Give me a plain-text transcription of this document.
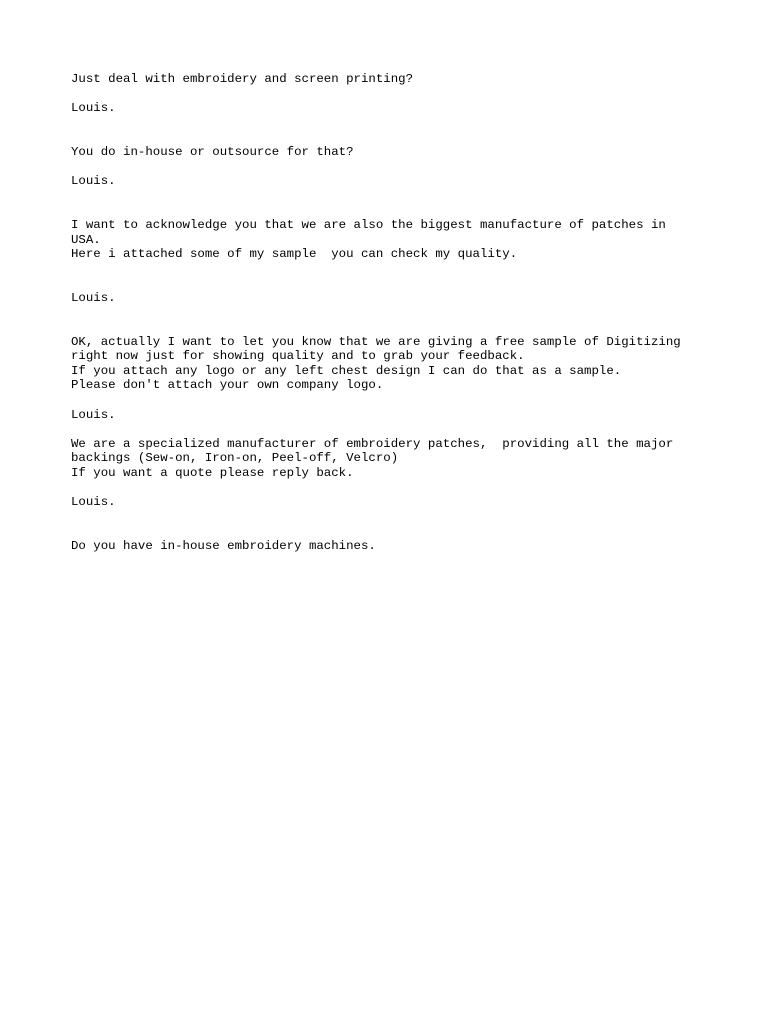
Just deal with embroidery and screen printing?
Louis.
You do in-house or outsource for that?
Louis.
I want to acknowledge you that we are also the biggest manufacture of patches in
USA.
Here i attached some of my sample  you can check my quality.
Louis.
OK, actually I want to let you know that we are giving a free sample of Digitizing
right now just for showing quality and to grab your feedback.
If you attach any logo or any left chest design I can do that as a sample.
Please don't attach your own company logo.
Louis.
We are a specialized manufacturer of embroidery patches,  providing all the major
backings (Sew-on, Iron-on, Peel-off, Velcro)
If you want a quote please reply back.
Louis.
Do you have in-house embroidery machines.
